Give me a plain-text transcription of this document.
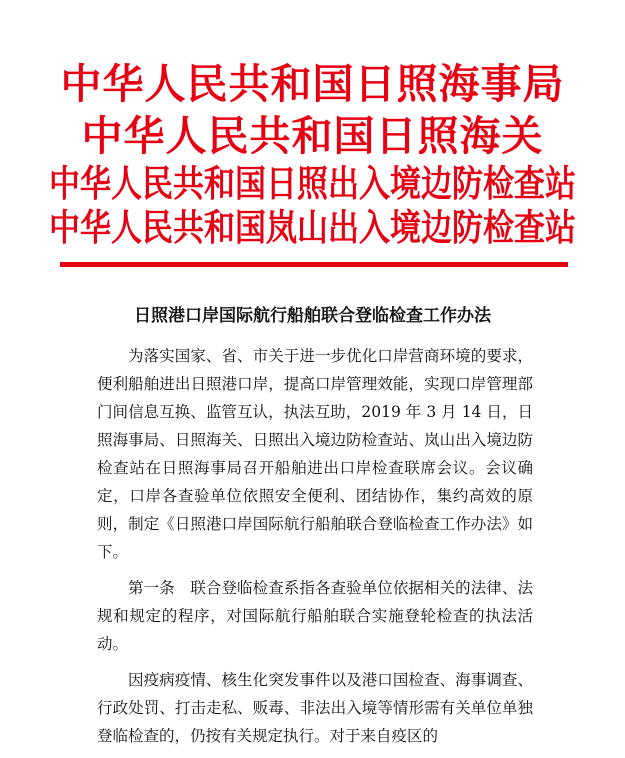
中华人民共和国日照海事局

中华人民共和国日照海关

中华人民共和国日照出入境边防检查站

中华人民共和国岚山出入境边防检查站

日照港口岸国际航行船舶联合登临检查工作办法

为落实国家、省、市关于进一步优化口岸营商环境的要求，便利船舶进出日照港口岸，提高口岸管理效能，实现口岸管理部门间信息互换、监管互认，执法互助，2019 年 3 月 14 日，日照海事局、日照海关、日照出入境边防检查站、岚山出入境边防检查站在日照海事局召开船舶进出口岸检查联席会议。会议确定，口岸各查验单位依照安全便利、团结协作，集约高效的原则，制定《日照港口岸国际航行船舶联合登临检查工作办法》如下。

第一条　联合登临检查系指各查验单位依据相关的法律、法规和规定的程序，对国际航行船舶联合实施登轮检查的执法活动。

因疫病疫情、核生化突发事件以及港口国检查、海事调查、行政处罚、打击走私、贩毒、非法出入境等情形需有关单位单独登临检查的，仍按有关规定执行。对于来自疫区的
